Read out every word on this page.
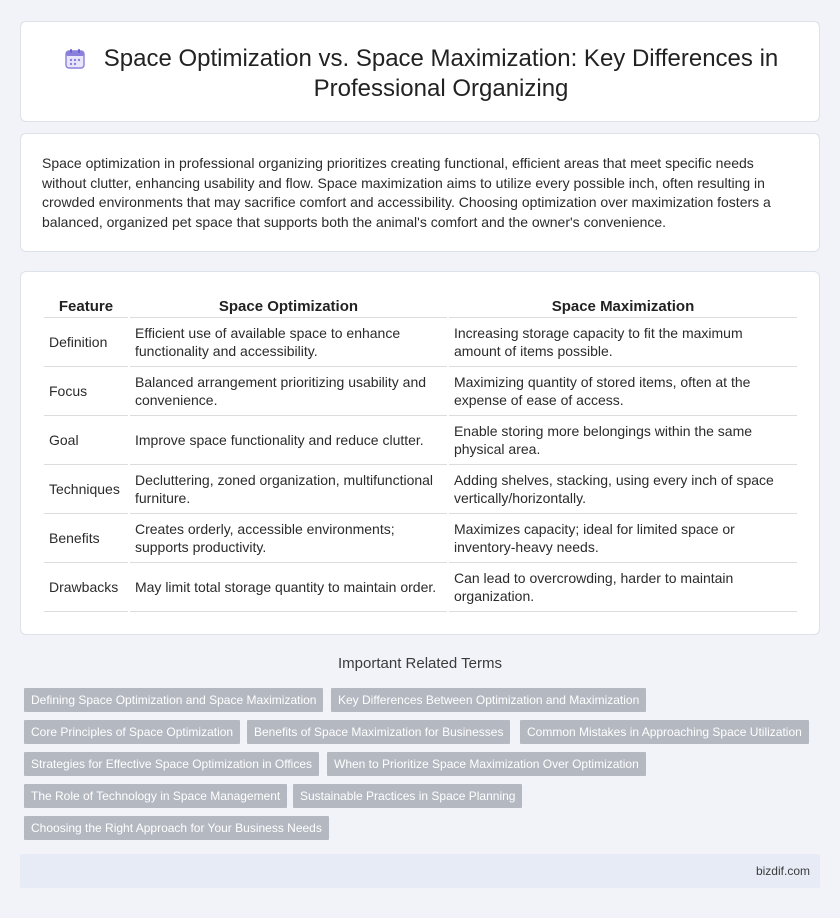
Space Optimization vs. Space Maximization: Key Differences in Professional Organizing

Space optimization in professional organizing prioritizes creating functional, efficient areas that meet specific needs without clutter, enhancing usability and flow. Space maximization aims to utilize every possible inch, often resulting in crowded environments that may sacrifice comfort and accessibility. Choosing optimization over maximization fosters a balanced, organized pet space that supports both the animal's comfort and the owner's convenience.

Feature	Space Optimization	Space Maximization
Definition	Efficient use of available space to enhance functionality and accessibility.	Increasing storage capacity to fit the maximum amount of items possible.
Focus	Balanced arrangement prioritizing usability and convenience.	Maximizing quantity of stored items, often at the expense of ease of access.
Goal	Improve space functionality and reduce clutter.	Enable storing more belongings within the same physical area.
Techniques	Decluttering, zoned organization, multifunctional furniture.	Adding shelves, stacking, using every inch of space vertically/horizontally.
Benefits	Creates orderly, accessible environments; supports productivity.	Maximizes capacity; ideal for limited space or inventory-heavy needs.
Drawbacks	May limit total storage quantity to maintain order.	Can lead to overcrowding, harder to maintain organization.
Important Related Terms
Defining Space Optimization and Space Maximization	Key Differences Between Optimization and Maximization
Core Principles of Space Optimization	Benefits of Space Maximization for Businesses	Common Mistakes in Approaching Space Utilization
Strategies for Effective Space Optimization in Offices	When to Prioritize Space Maximization Over Optimization
The Role of Technology in Space Management	Sustainable Practices in Space Planning
Choosing the Right Approach for Your Business Needs
bizdif.com
